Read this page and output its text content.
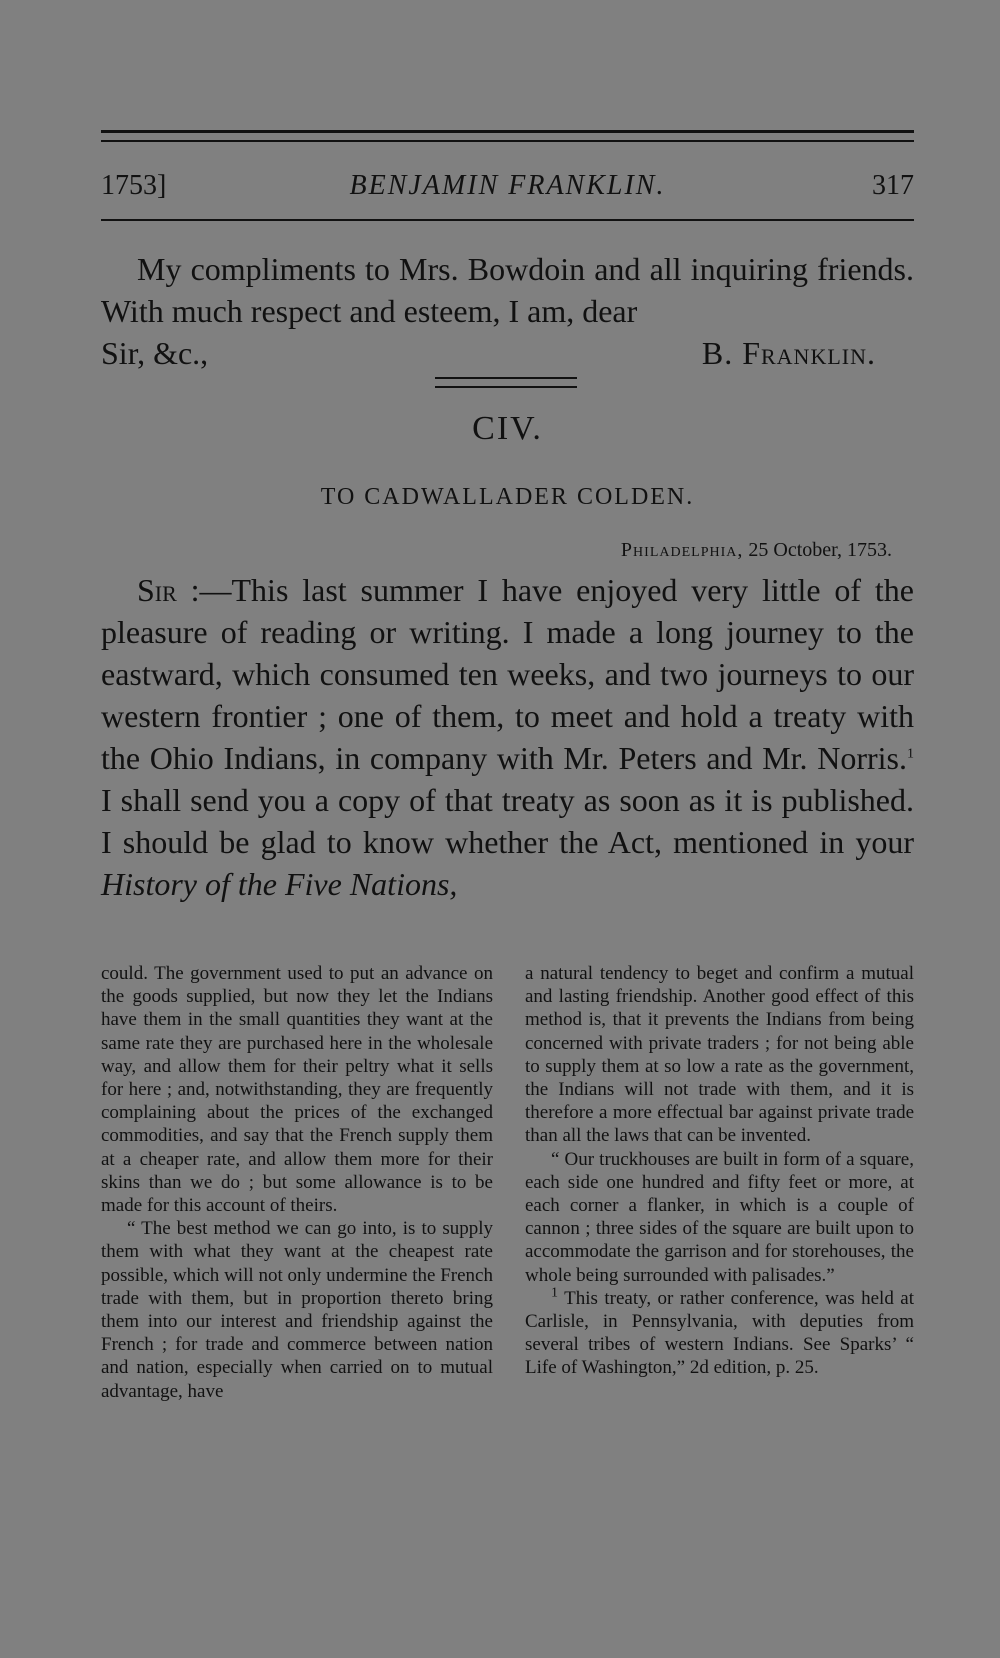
1753]	BENJAMIN FRANKLIN.	317

My compliments to Mrs. Bowdoin and all inquiring friends. With much respect and esteem, I am, dear

Sir, &c.,	B. Franklin.
CIV.
TO CADWALLADER COLDEN.
Philadelphia, 25 October, 1753.

Sir :—This last summer I have enjoyed very little of the pleasure of reading or writing. I made a long journey to the eastward, which consumed ten weeks, and two journeys to our western frontier ; one of them, to meet and hold a treaty with the Ohio Indians, in company with Mr. Peters and Mr. Norris.$^1$ I shall send you a copy of that treaty as soon as it is published. I should be glad to know whether the Act, mentioned in your History of the Five Nations,

could. The government used to put an advance on the goods supplied, but now they let the Indians have them in the small quantities they want at the same rate they are purchased here in the wholesale way, and allow them for their peltry what it sells for here ; and, notwithstanding, they are frequently complaining about the prices of the exchanged commodities, and say that the French supply them at a cheaper rate, and allow them more for their skins than we do ; but some allowance is to be made for this account of theirs.

“ The best method we can go into, is to supply them with what they want at the cheapest rate possible, which will not only undermine the French trade with them, but in proportion thereto bring them into our interest and friendship against the French ; for trade and commerce between nation and nation, especially when carried on to mutual advantage, have

a natural tendency to beget and confirm a mutual and lasting friendship. Another good effect of this method is, that it prevents the Indians from being concerned with private traders ; for not being able to supply them at so low a rate as the government, the Indians will not trade with them, and it is therefore a more effectual bar against private trade than all the laws that can be invented.

“ Our truckhouses are built in form of a square, each side one hundred and fifty feet or more, at each corner a flanker, in which is a couple of cannon ; three sides of the square are built upon to accommodate the garrison and for storehouses, the whole being surrounded with palisades.”

$^1$ This treaty, or rather conference, was held at Carlisle, in Pennsylvania, with deputies from several tribes of western Indians. See Sparks’ “ Life of Washington,” 2d edition, p. 25.
